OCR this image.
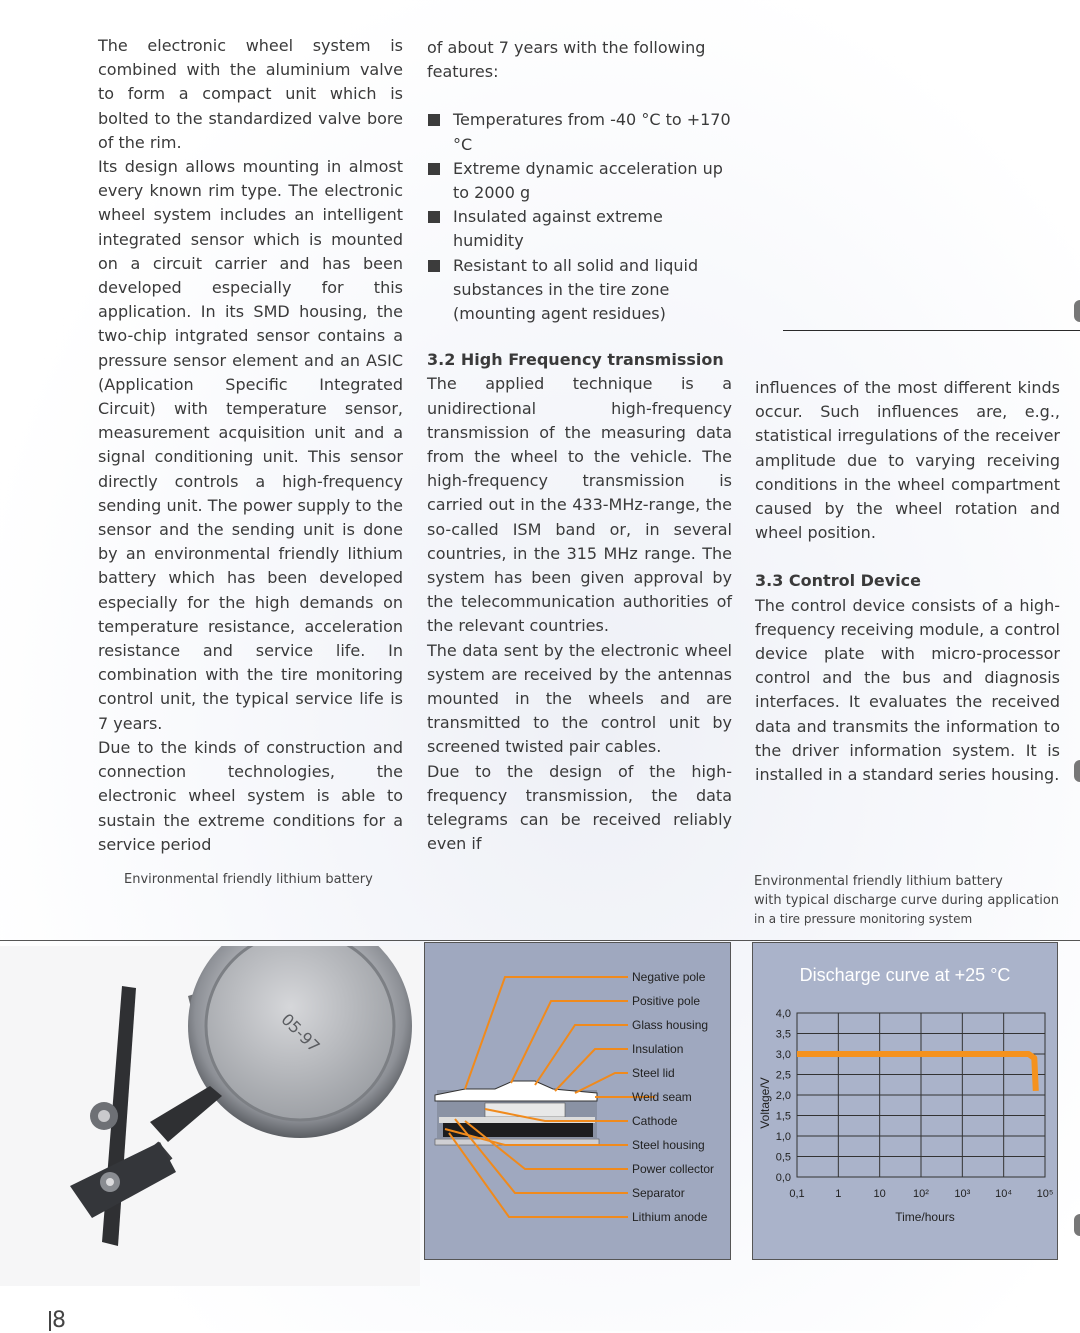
The electronic wheel system is combined with the aluminium valve to form a compact unit which is bolted to the standardized valve bore of the rim.

Its design allows mounting in almost every known rim type. The electronic wheel system includes an intelligent integrated sensor which is mounted on a circuit carrier and has been developed especially for this application. In its SMD housing, the two-chip intgrated sensor contains a pressure sensor element and an ASIC (Application Specific Integrated Circuit) with temperature sensor, measurement acquisition unit and a signal conditioning unit. This sensor directly controls a high-frequency sending unit. The power supply to the sensor and the sending unit is done by an environmental friendly lithium battery which has been developed especially for the high demands on temperature resistance, acceleration resistance and service life. In combination with the tire monitoring control unit, the typical service life is 7 years.

Due to the kinds of construction and connection technologies, the electronic wheel system is able to sustain the extreme conditions for a service period

of about 7 years with the following features:

Temperatures from -40 °C to +170 °C
Extreme dynamic acceleration up to 2000 g
Insulated against extreme humidity
Resistant to all solid and liquid substances in the tire zone (mounting agent residues)
3.2 High Frequency transmission

The applied technique is a unidirectional high-frequency transmission of the measuring data from the wheel to the vehicle. The high-frequency transmission is carried out in the 433-MHz-range, the so-called ISM band or, in several countries, in the 315 MHz range. The system has been given approval by the telecommunication authorities of the relevant countries.

The data sent by the electronic wheel system are received by the antennas mounted in the wheels and are transmitted to the control unit by screened twisted pair cables.

Due to the design of the high-frequency transmission, the data telegrams can be received reliably even if

influences of the most different kinds occur. Such influences are, e.g., statistical irregulations of the receiver amplitude due to varying receiving conditions in the wheel compartment caused by the wheel rotation and wheel position.

3.3 Control Device

The control device consists of a high-frequency receiving module, a control device plate with micro-processor control and the bus and diagnosis interfaces. It evaluates the received data and transmits the information to the driver information system. It is installed in a standard series housing.

Environmental friendly lithium battery	Environmental friendly lithium battery
with typical discharge curve during application
in a tire pressure monitoring system
05-97
Negative pole
Positive pole
Glass housing
Insulation
Steel lid
Weld seam
Cathode
Steel housing
Power collector
Separator
Lithium anode
Discharge curve at +25 °C
0,0
0,5
1,0
1,5
2,0
2,5
3,0
3,5
4,0
0,1	1	10 10² 10³ 10⁴ 10⁵
Voltage/V
Time/hours
8
